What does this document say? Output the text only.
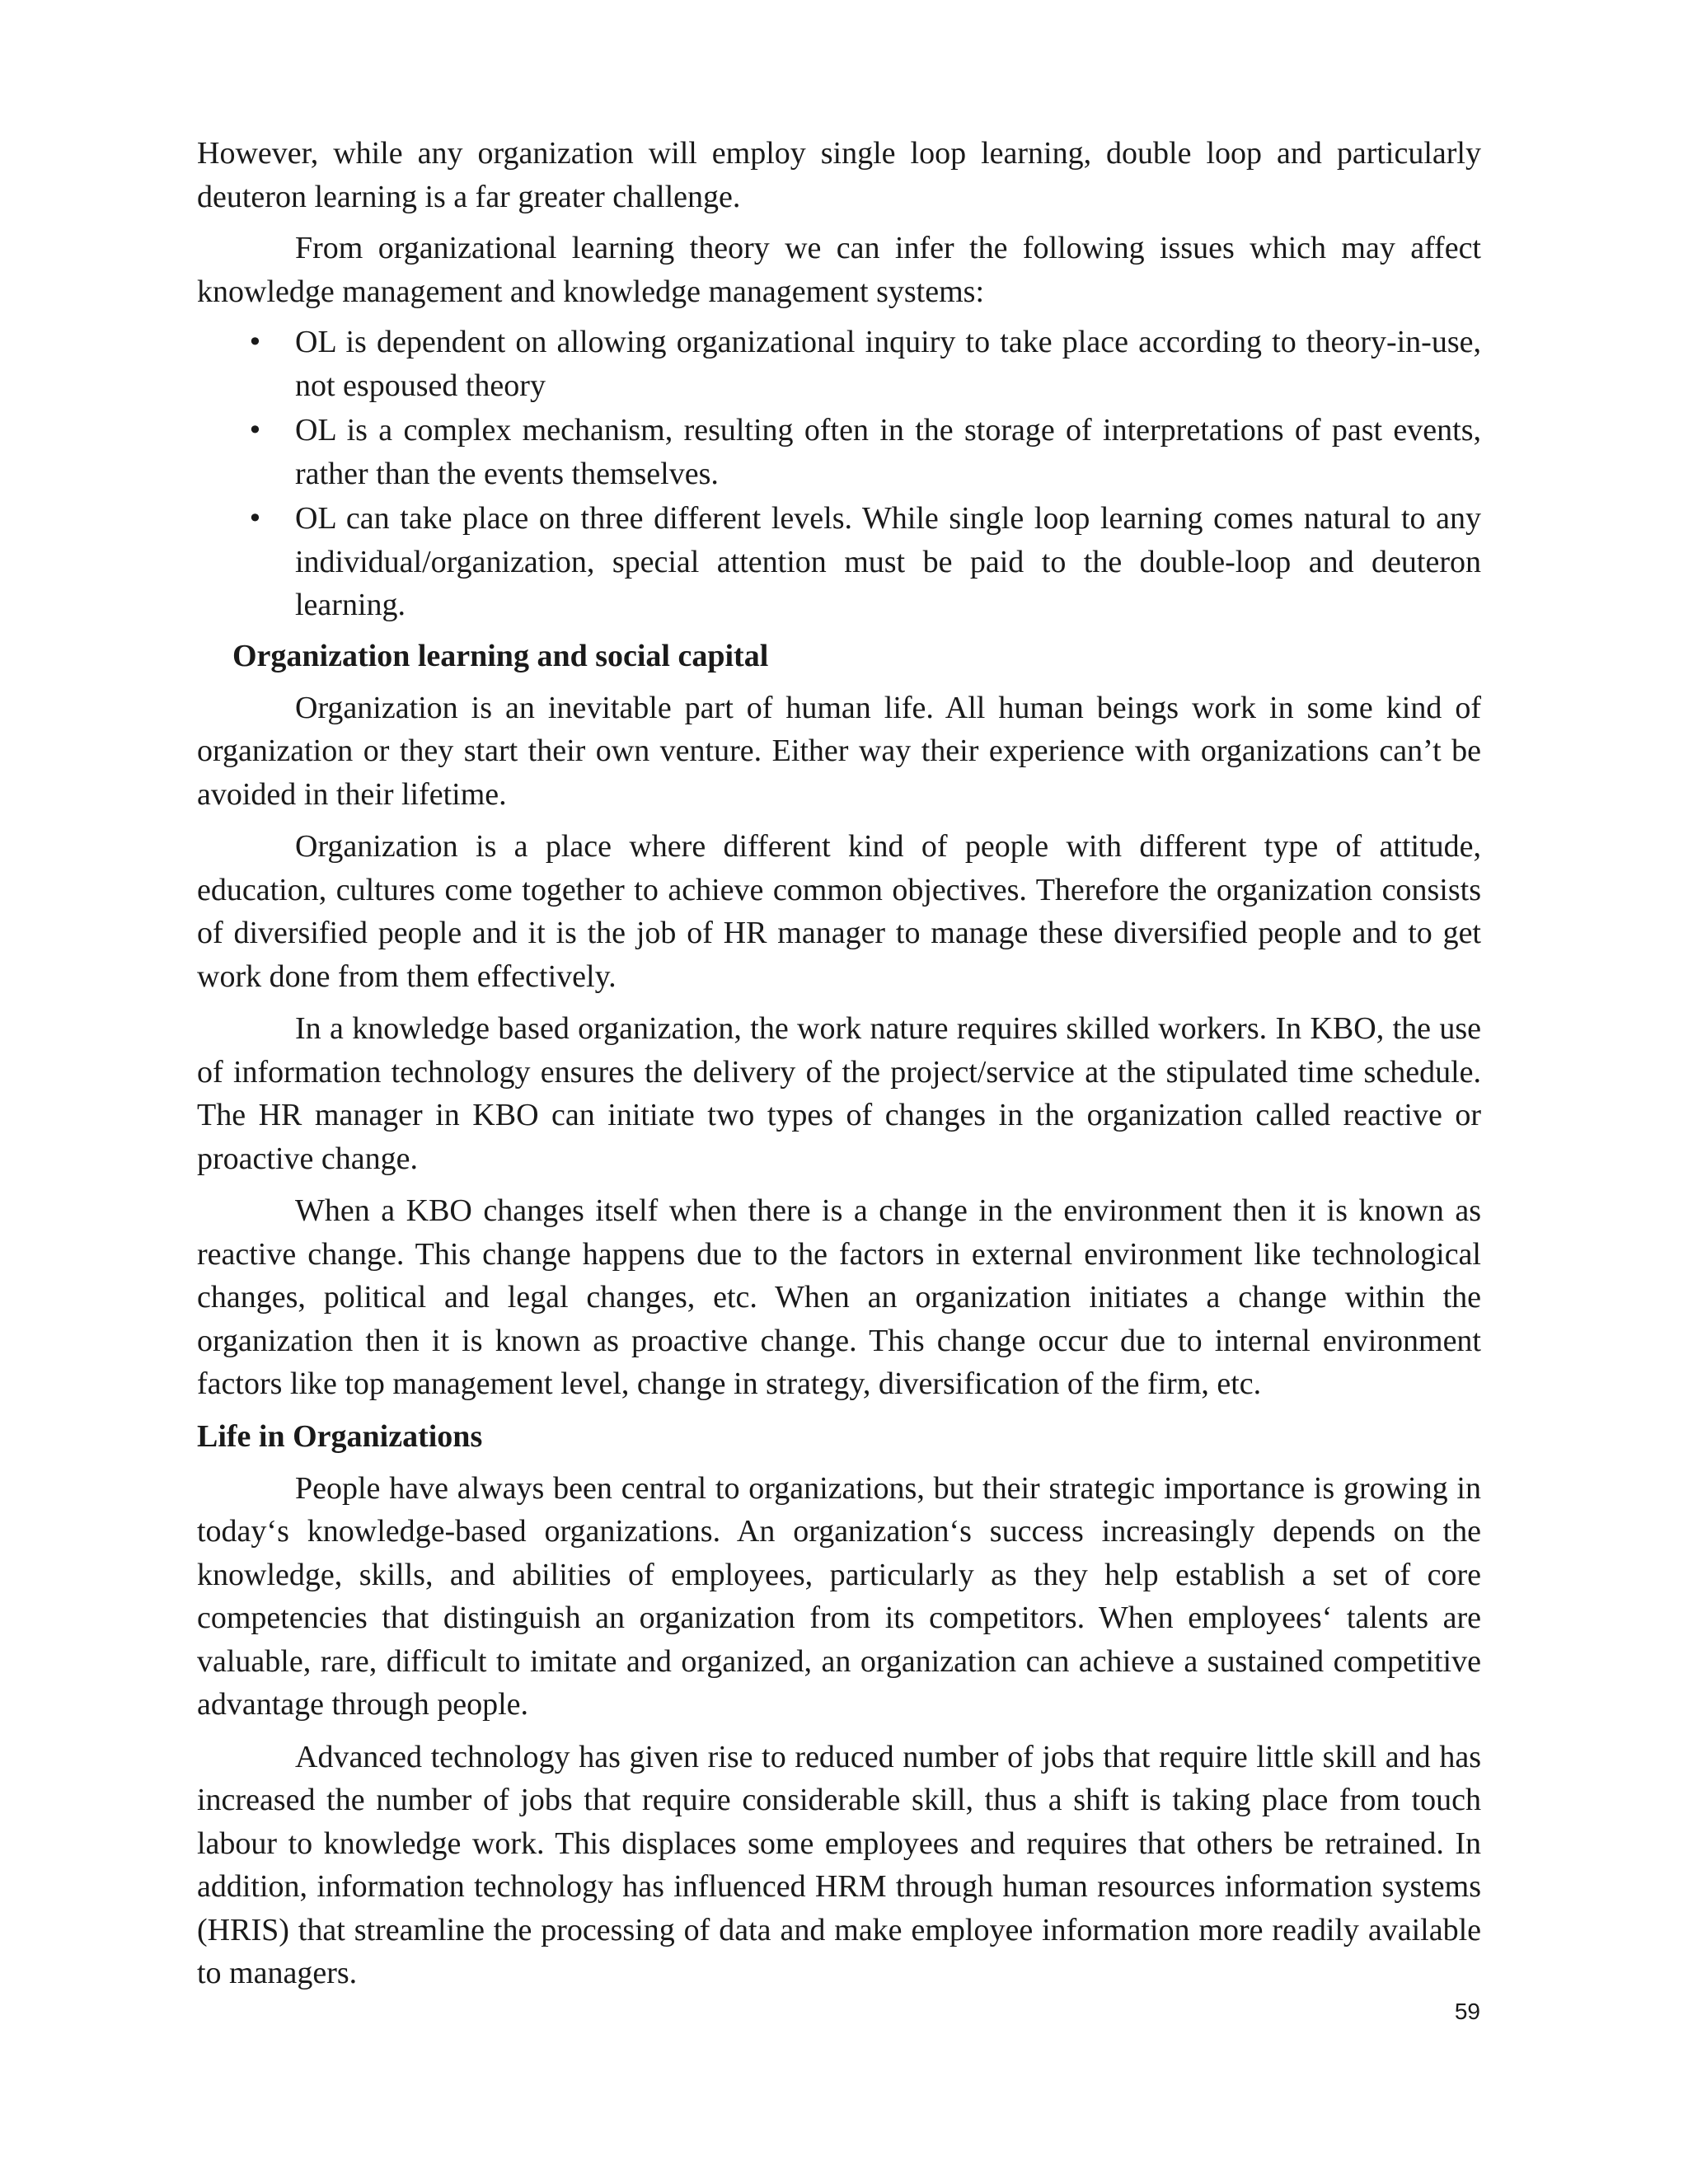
However, while any organization will employ single loop learning, double loop and particularly deuteron learning is a far greater challenge.

From organizational learning theory we can infer the following issues which may affect knowledge management and knowledge management systems:

• OL is dependent on allowing organizational inquiry to take place according to theory-in-use, not espoused theory
• OL is a complex mechanism, resulting often in the storage of interpretations of past events, rather than the events themselves.
• OL can take place on three different levels. While single loop learning comes natural to any individual/organization, special attention must be paid to the double-loop and deuteron learning.
Organization learning and social capital

Organization is an inevitable part of human life. All human beings work in some kind of organization or they start their own venture. Either way their experience with organizations can’t be avoided in their lifetime.

Organization is a place where different kind of people with different type of attitude, education, cultures come together to achieve common objectives. Therefore the organization consists of diversified people and it is the job of HR manager to manage these diversified people and to get work done from them effectively.

In a knowledge based organization, the work nature requires skilled workers. In KBO, the use of information technology ensures the delivery of the project/service at the stipulated time schedule. The HR manager in KBO can initiate two types of changes in the organization called reactive or proactive change.

When a KBO changes itself when there is a change in the environment then it is known as reactive change. This change happens due to the factors in external environment like technological changes, political and legal changes, etc. When an organization initiates a change within the organization then it is known as proactive change. This change occur due to internal environment factors like top management level, change in strategy, diversification of the firm, etc.

Life in Organizations

People have always been central to organizations, but their strategic importance is growing in today‘s knowledge-based organizations. An organization‘s success increasingly depends on the knowledge, skills, and abilities of employees, particularly as they help establish a set of core competencies that distinguish an organization from its competitors. When employees‘ talents are valuable, rare, difficult to imitate and organized, an organization can achieve a sustained competitive advantage through people.

Advanced technology has given rise to reduced number of jobs that require little skill and has increased the number of jobs that require considerable skill, thus a shift is taking place from touch labour to knowledge work. This displaces some employees and requires that others be retrained. In addition, information technology has influenced HRM through human resources information systems (HRIS) that streamline the processing of data and make employee information more readily available to managers.

59
